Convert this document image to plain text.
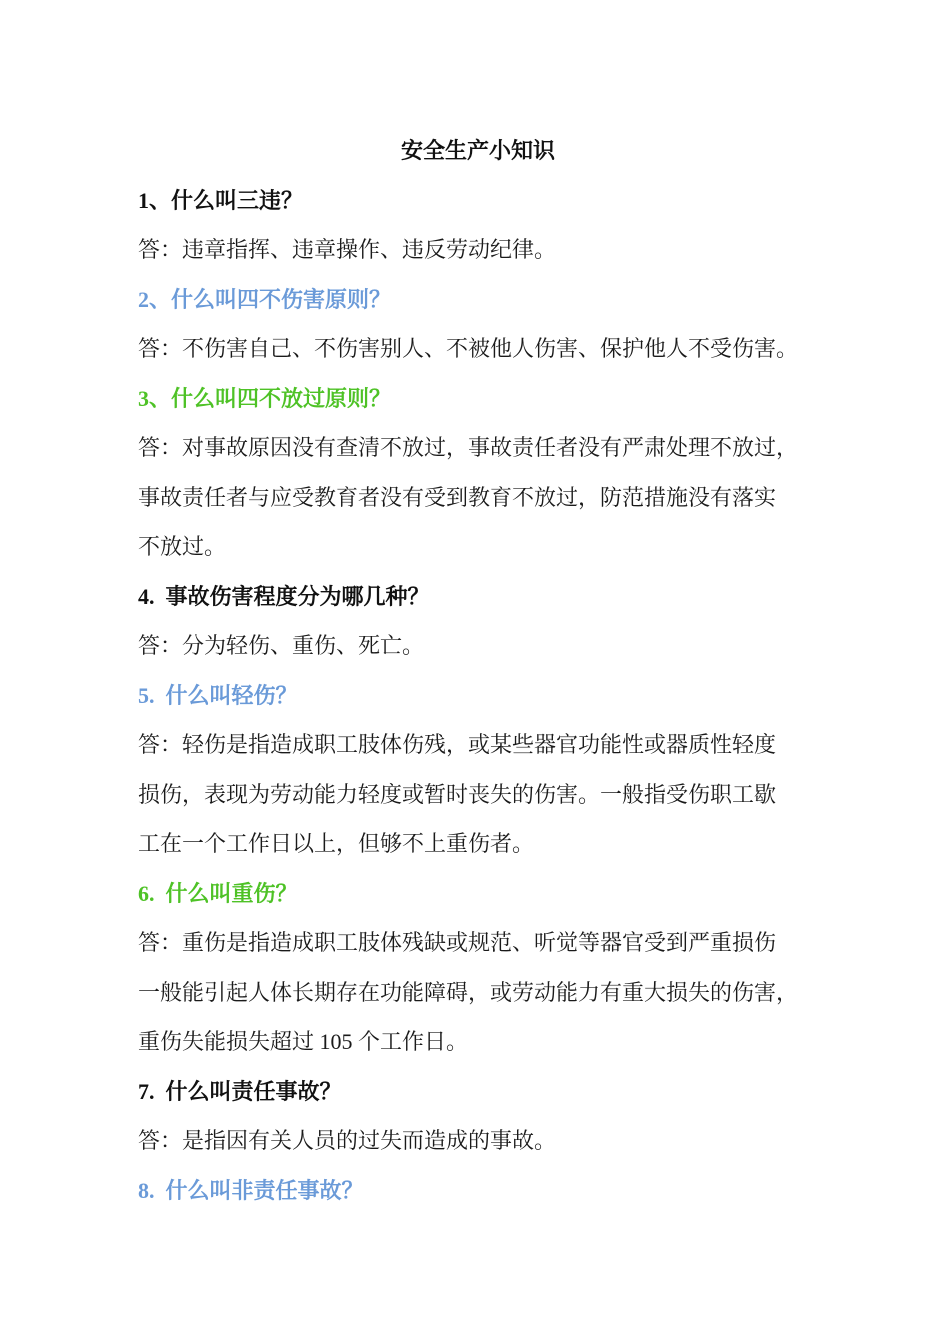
安全生产小知识
1、什么叫三违？
答：违章指挥、违章操作、违反劳动纪律。
2、什么叫四不伤害原则？
答：不伤害自己、不伤害别人、不被他人伤害、保护他人不受伤害。
3、什么叫四不放过原则？
答：对事故原因没有查清不放过，事故责任者没有严肃处理不放过，
事故责任者与应受教育者没有受到教育不放过，防范措施没有落实
不放过。
4.  事故伤害程度分为哪几种？
答：分为轻伤、重伤、死亡。
5.  什么叫轻伤？
答：轻伤是指造成职工肢体伤残，或某些器官功能性或器质性轻度
损伤，表现为劳动能力轻度或暂时丧失的伤害。一般指受伤职工歇
工在一个工作日以上，但够不上重伤者。
6.  什么叫重伤？
答：重伤是指造成职工肢体残缺或规范、听觉等器官受到严重损伤
一般能引起人体长期存在功能障碍，或劳动能力有重大损失的伤害，
重伤失能损失超过 105 个工作日。
7.  什么叫责任事故？
答：是指因有关人员的过失而造成的事故。
8.  什么叫非责任事故？
